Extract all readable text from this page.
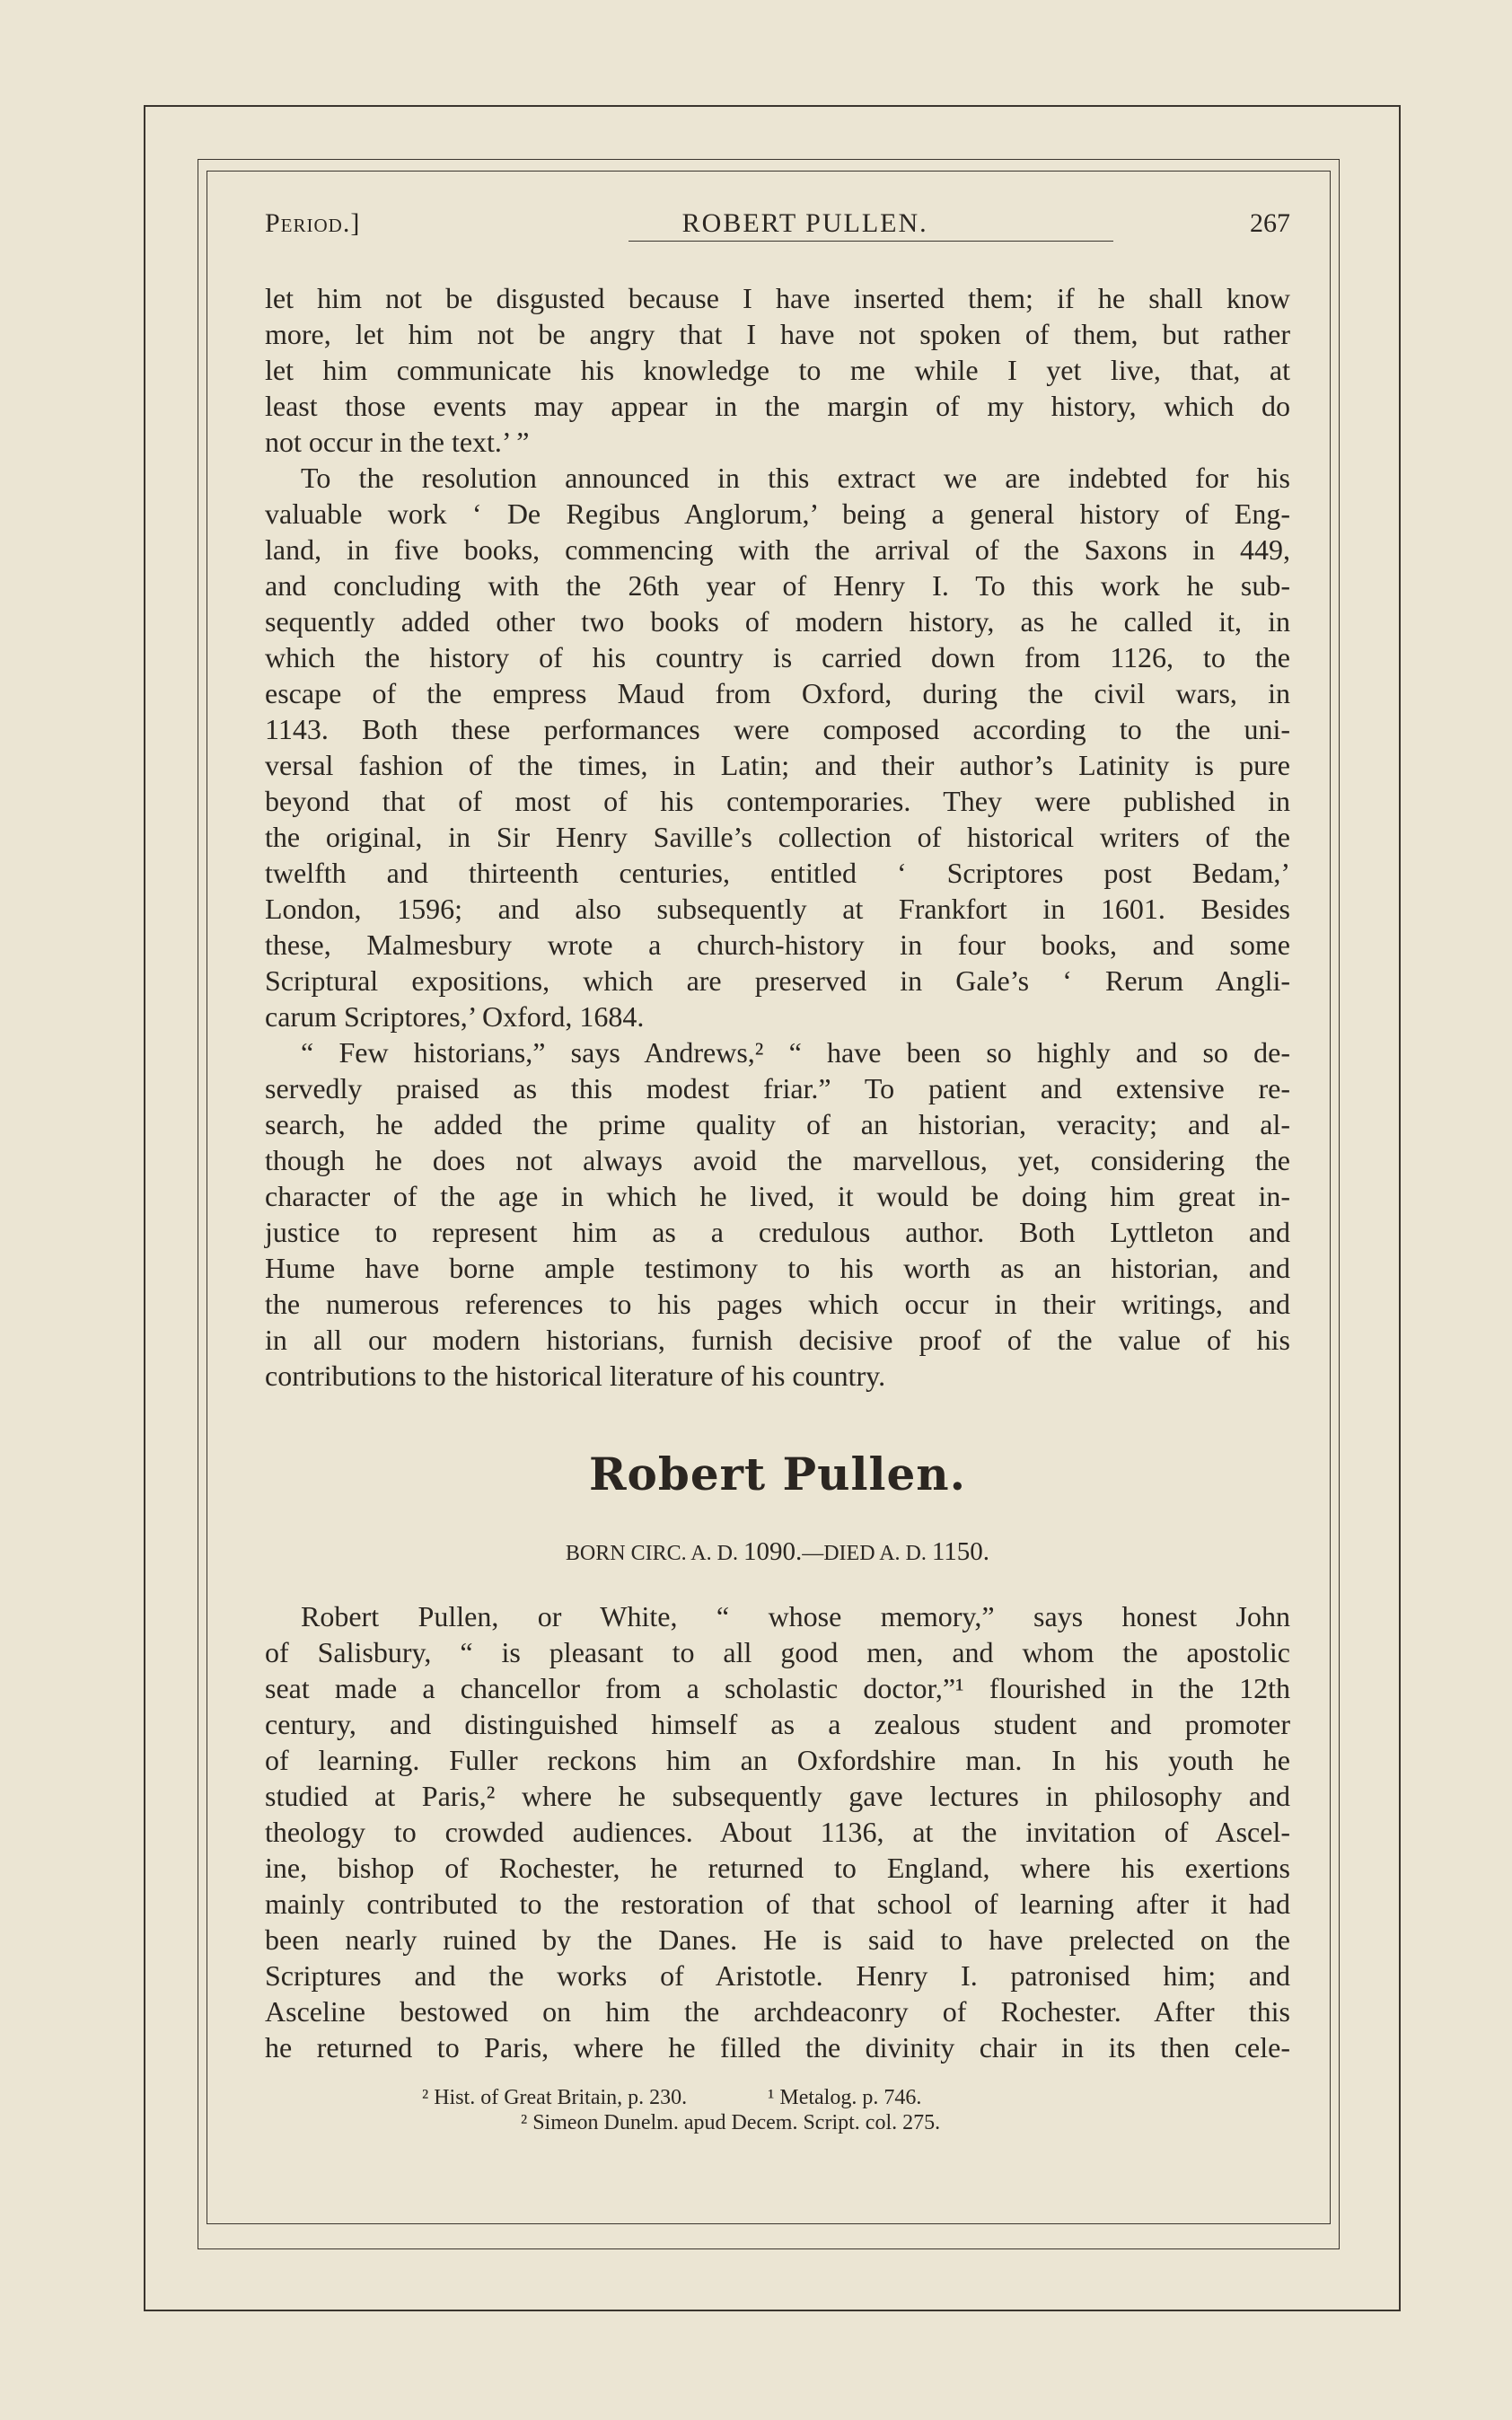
Period.]	ROBERT PULLEN.	267
let him not be disgusted because I have inserted them; if he shall know
more, let him not be angry that I have not spoken of them, but rather
let him communicate his knowledge to me while I yet live, that, at
least those events may appear in the margin of my history, which do
not occur in the text.’ ”
To the resolution announced in this extract we are indebted for his
valuable work ‘ De Regibus Anglorum,’ being a general history of Eng-
land, in five books, commencing with the arrival of the Saxons in 449,
and concluding with the 26th year of Henry I. To this work he sub-
sequently added other two books of modern history, as he called it, in
which the history of his country is carried down from 1126, to the
escape of the empress Maud from Oxford, during the civil wars, in
1143. Both these performances were composed according to the uni-
versal fashion of the times, in Latin; and their author’s Latinity is pure
beyond that of most of his contemporaries. They were published in
the original, in Sir Henry Saville’s collection of historical writers of the
twelfth and thirteenth centuries, entitled ‘ Scriptores post Bedam,’
London, 1596; and also subsequently at Frankfort in 1601. Besides
these, Malmesbury wrote a church-history in four books, and some
Scriptural expositions, which are preserved in Gale’s ‘ Rerum Angli-
carum Scriptores,’ Oxford, 1684.
“ Few historians,” says Andrews,² “ have been so highly and so de-
servedly praised as this modest friar.” To patient and extensive re-
search, he added the prime quality of an historian, veracity; and al-
though he does not always avoid the marvellous, yet, considering the
character of the age in which he lived, it would be doing him great in-
justice to represent him as a credulous author. Both Lyttleton and
Hume have borne ample testimony to his worth as an historian, and
the numerous references to his pages which occur in their writings, and
in all our modern historians, furnish decisive proof of the value of his
contributions to the historical literature of his country.
Robert Pullen.
BORN CIRC. A. D. 1090.—DIED A. D. 1150.
Robert Pullen, or White, “ whose memory,” says honest John
of Salisbury, “ is pleasant to all good men, and whom the apostolic
seat made a chancellor from a scholastic doctor,”¹ flourished in the 12th
century, and distinguished himself as a zealous student and promoter
of learning. Fuller reckons him an Oxfordshire man. In his youth he
studied at Paris,² where he subsequently gave lectures in philosophy and
theology to crowded audiences. About 1136, at the invitation of Ascel-
ine, bishop of Rochester, he returned to England, where his exertions
mainly contributed to the restoration of that school of learning after it had
been nearly ruined by the Danes. He is said to have prelected on the
Scriptures and the works of Aristotle. Henry I. patronised him; and
Asceline bestowed on him the archdeaconry of Rochester. After this
he returned to Paris, where he filled the divinity chair in its then cele-
² Hist. of Great Britain, p. 230.	¹ Metalog. p. 746.
² Simeon Dunelm. apud Decem. Script. col. 275.
